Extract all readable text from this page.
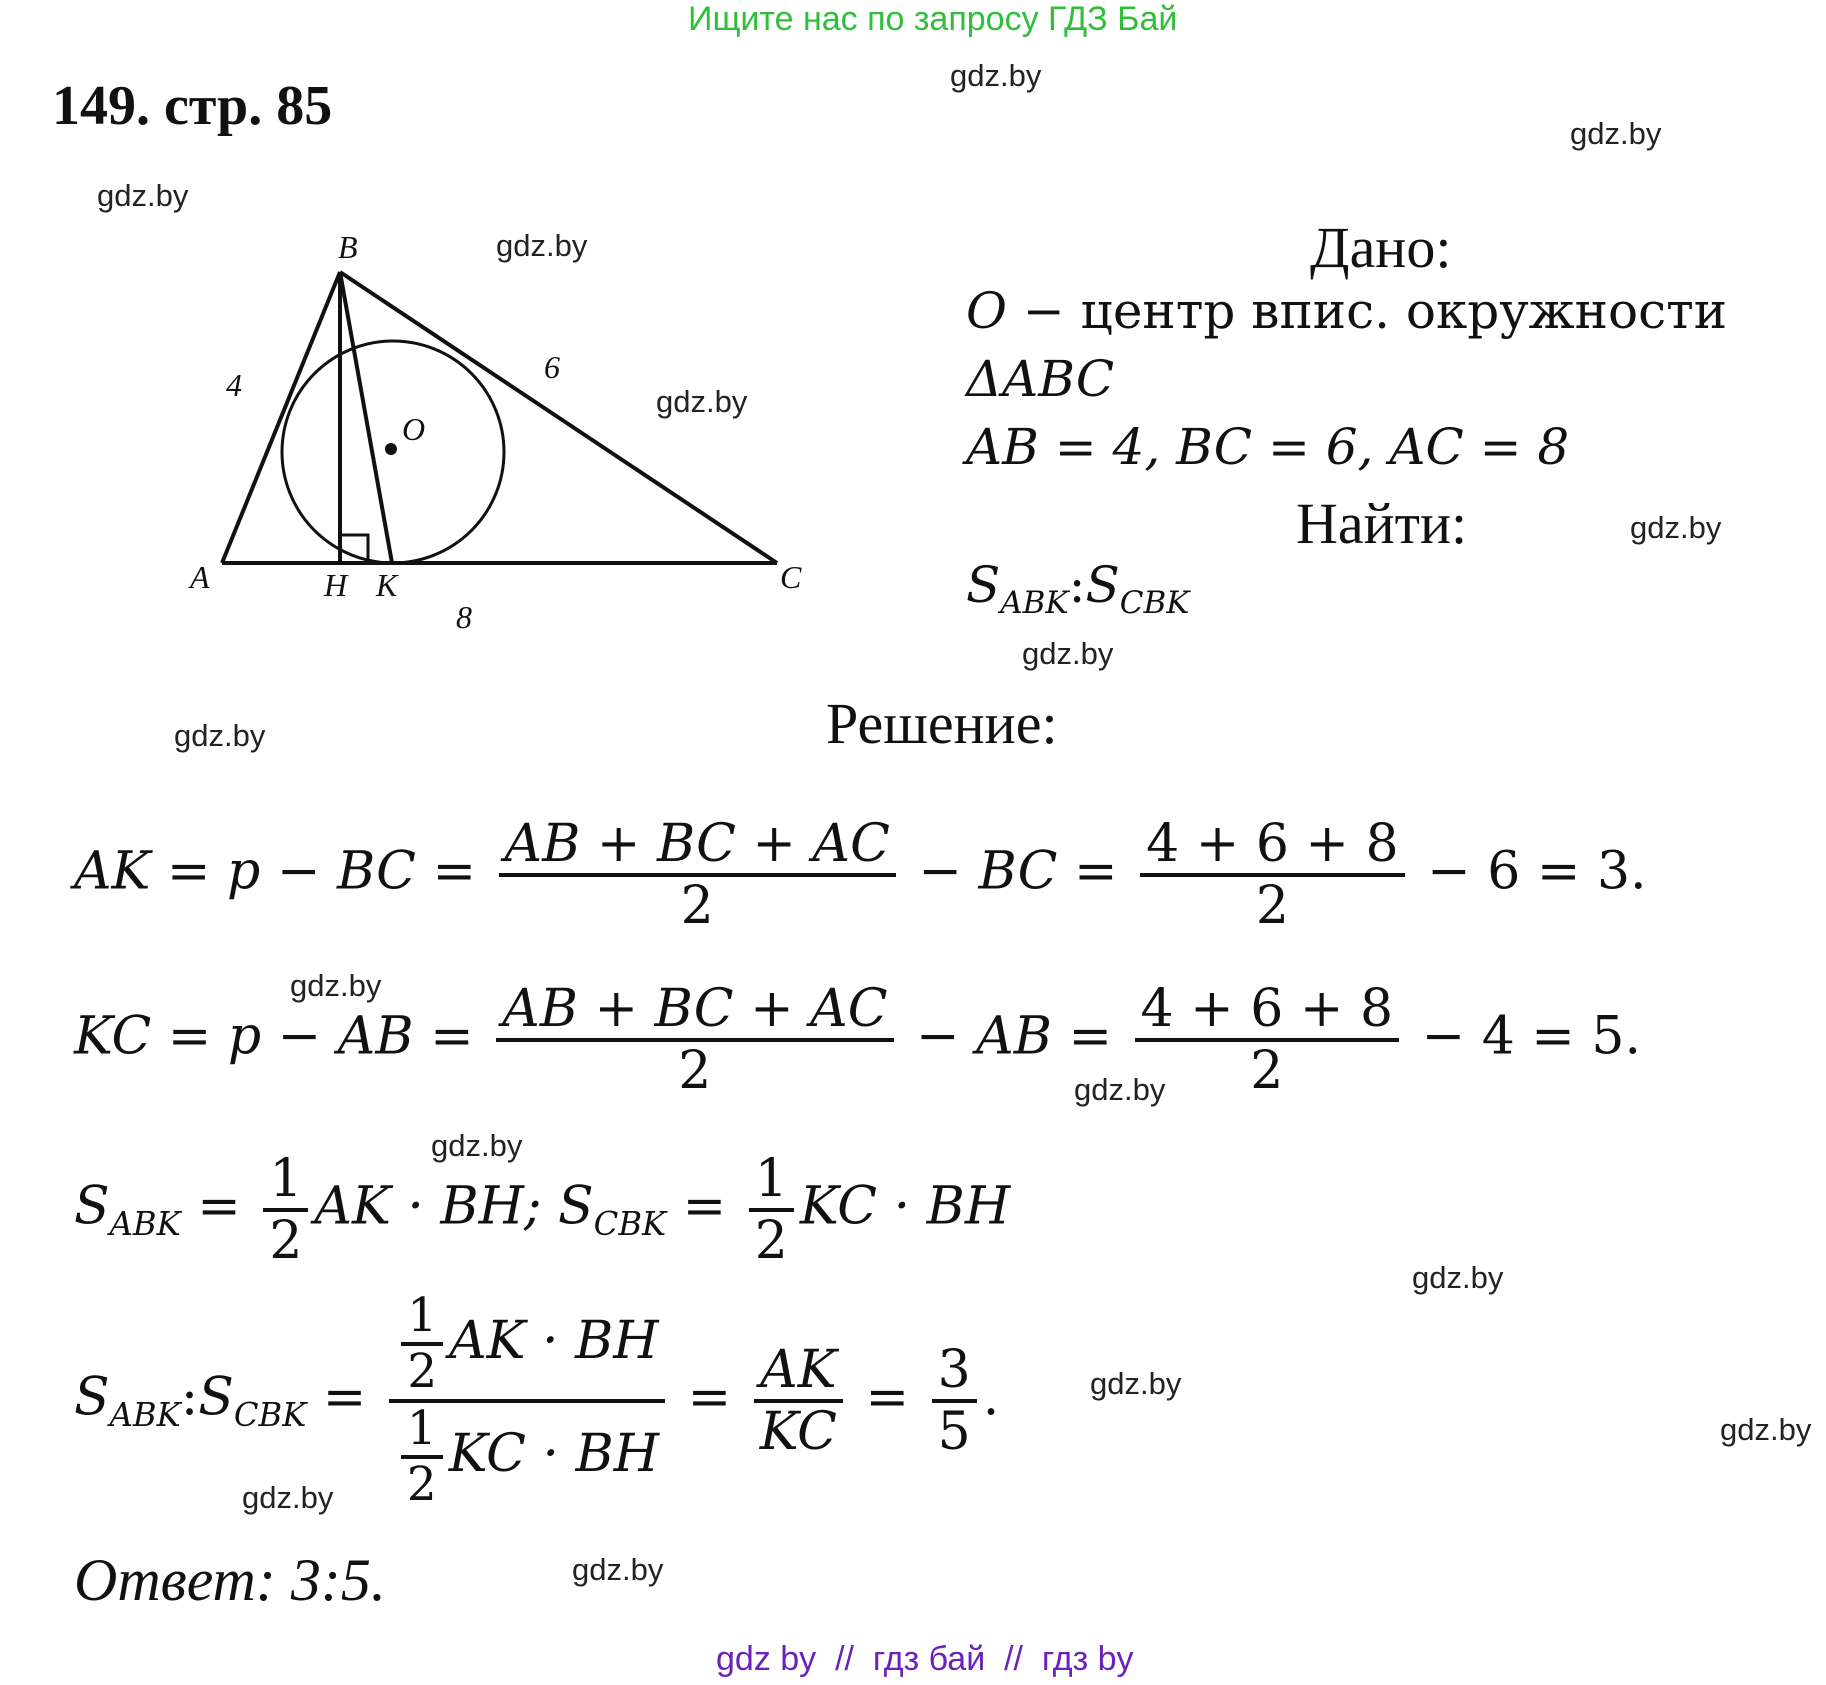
Ищите нас по запросу ГДЗ Бай
149. стр. 85	gdz.by
gdz.by
gdz.by
gdz.by
gdz.by
gdz.by
gdz.by
gdz.by
gdz.by
gdz.by
gdz.by
gdz.by
gdz.by
gdz.by
gdz.by
gdz.by
B
A	C
H K
O
4	6
8
Дано:
O − центр впис. окружности
ΔABC
AB = 4, BC = 6, AC = 8
Найти:
$S_{ABK}:S_{CBK}$
Решение:
AK = p − BC = $\frac{AB + BC + AC}{2}$ − BC = $\frac{4 + 6 + 8}{2} - 6 = 3$.
KC = p − AB = $\frac{AB + BC + AC}{2}$ − AB = $\frac{4 + 6 + 8}{2} - 4 = 5$.
$S_{ABK} = \frac{1}{2}$ AK · BH; $S_{CBK} = \frac{1}{2}$ KC · BH
$S_{ABK}:S_{CBK} = \frac{\frac{1}{2} AK \cdot BH}{\frac{1}{2} KC \cdot BH} = \frac{AK}{KC} = \frac{3}{5}$ .
Ответ: 3:5.
gdz by  //  гдз бай  //  гдз by
